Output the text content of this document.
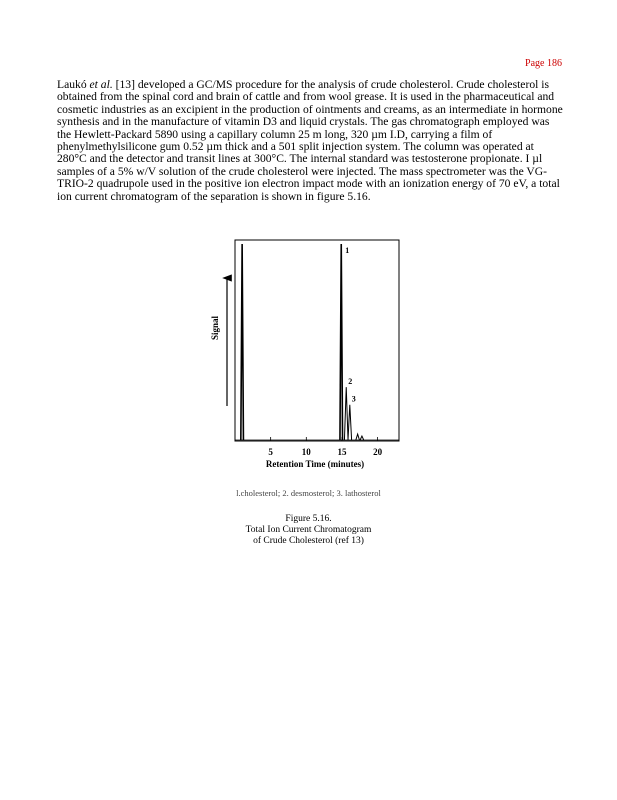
Page 186

Laukó et al. [13] developed a GC/MS procedure for the analysis of crude cholesterol. Crude cholesterol is obtained from the spinal cord and brain of cattle and from wool grease. It is used in the pharmaceutical and cosmetic industries as an excipient in the production of ointments and creams, as an intermediate in hormone synthesis and in the manufacture of vitamin D3 and liquid crystals. The gas chromatograph employed was the Hewlett-Packard 5890 using a capillary column 25 m long, 320 µm I.D, carrying a film of phenylmethylsilicone gum 0.52 µm thick and a 501 split injection system. The column was operated at 280°C and the detector and transit lines at 300°C. The internal standard was testosterone propionate. I µl samples of a 5% w/V solution of the crude cholesterol were injected. The mass spectrometer was the VG-TRIO-2 quadrupole used in the positive ion electron impact mode with an ionization energy of 70 eV, a total ion current chromatogram of the separation is shown in figure 5.16.

Signal
1
2
3
5	10	15	20
Retention Time (minutes)
l.cholesterol; 2. desmosterol; 3. lathosterol
Figure 5.16.
Total Ion Current Chromatogram
of Crude Cholesterol (ref 13)
